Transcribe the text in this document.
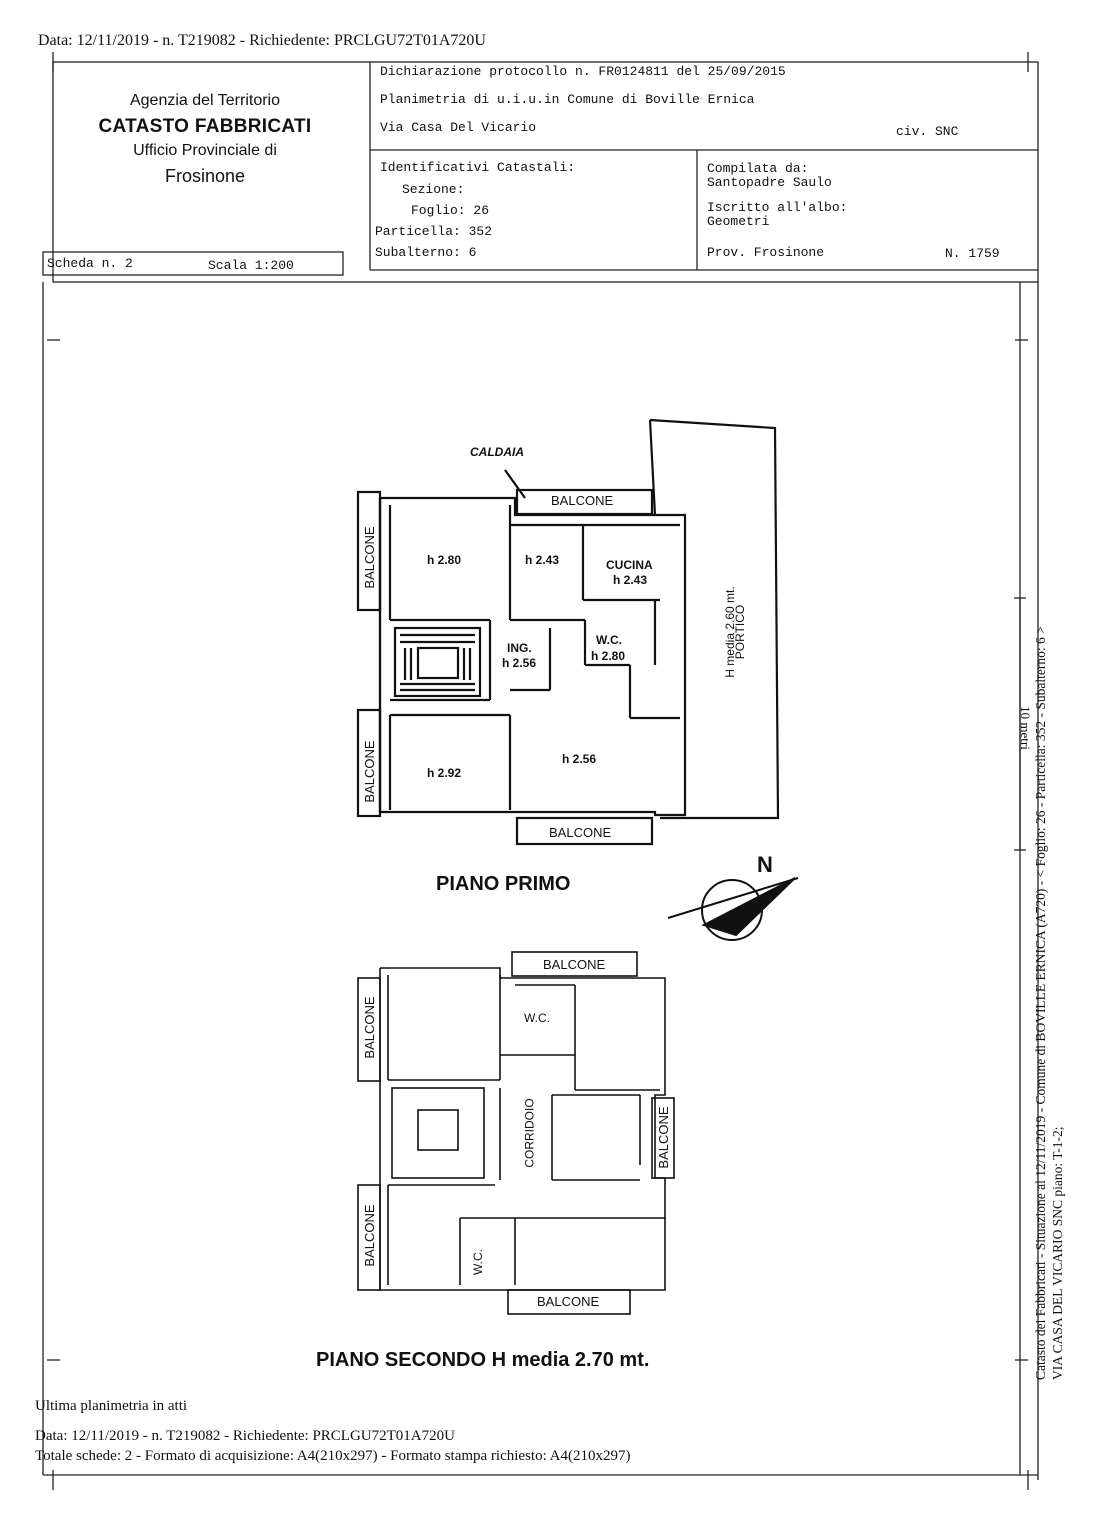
Data: 12/11/2019 - n. T219082 - Richiedente: PRCLGU72T01A720U
Agenzia del Territorio
CATASTO FABBRICATI
Ufficio Provinciale di
Frosinone
Dichiarazione protocollo n. FR0124811 del 25/09/2015
Planimetria di u.i.u.in Comune di Boville Ernica
Via Casa Del Vicario	civ. SNC
Identificativi Catastali:
Sezione:
Foglio: 26
Particella: 352
Subalterno: 6
Compilata da:
Santopadre Saulo
Iscritto all'albo:
Geometri
Prov. Frosinone	N. 1759
Scheda n. 2	Scala 1:200
CALDAIA
BALCONE
BALCONE
BALCONE
BALCONE
h 2.80	h 2.43	CUCINA
h 2.43
ING.
h 2.56
W.C.
h 2.80
h 2.92
h 2.56
H media 2.60 mt.
PORTICO
N
PIANO PRIMO
BALCONE
BALCONE
BALCONE
BALCONE
BALCONE
W.C.
CORRIDOIO
W.C.
PIANO SECONDO H media 2.70 mt.	Catasto dei Fabbricati - Situazione al 12/11/2019 - Comune di BOVILLE ERNICA (A720) - < Foglio: 26 - Particella: 352 - Subalterno: 6 > VIA CASA DEL VICARIO SNC piano: T-1-2;
10 metri
Ultima planimetria in atti
Data: 12/11/2019 - n. T219082 - Richiedente: PRCLGU72T01A720U
Totale schede: 2 - Formato di acquisizione: A4(210x297) - Formato stampa richiesto: A4(210x297)
